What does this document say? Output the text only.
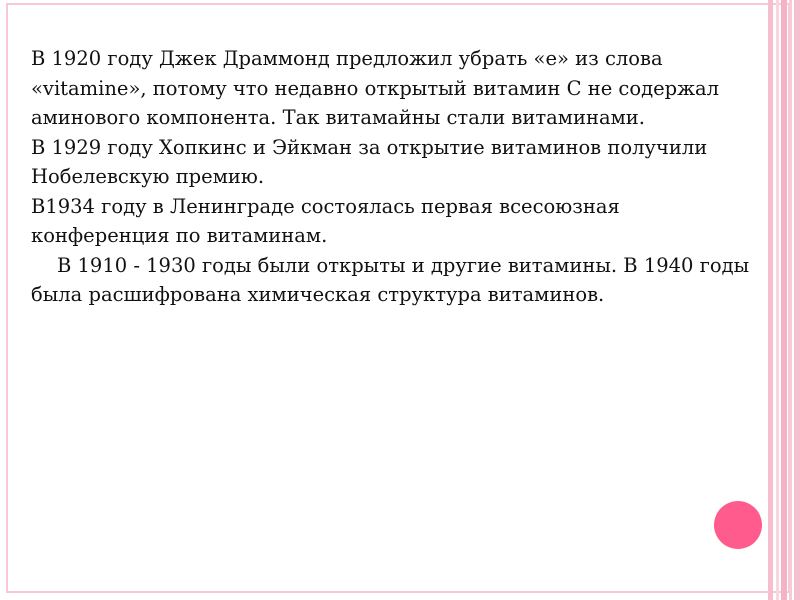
В 1920 году Джек Драммонд предложил убрать «е» из слова «vitamine», потому что недавно открытый витамин C не содержал аминового компонента. Так витамайны стали витаминами.
В 1929 году Хопкинс и Эйкман за открытие витаминов получили Нобелевскую премию.
В1934 году в Ленинграде состоялась первая всесоюзная конференция по витаминам.
В 1910 - 1930 годы были открыты и другие витамины. В 1940 годы была расшифрована химическая структура витаминов.
